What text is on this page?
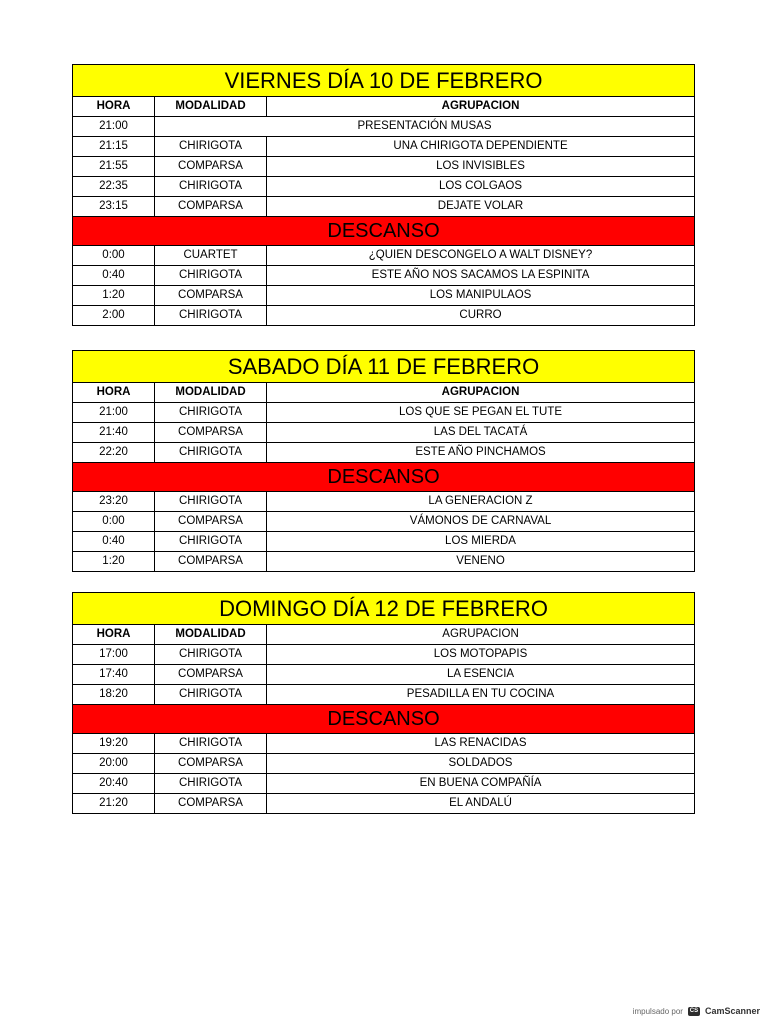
VIERNES DÍA 10 DE FEBRERO		
HORA	MODALIDAD	AGRUPACION
21:00	PRESENTACIÓN MUSAS	
21:15	CHIRIGOTA	UNA CHIRIGOTA DEPENDIENTE
21:55	COMPARSA	LOS INVISIBLES
22:35	CHIRIGOTA	LOS COLGAOS
23:15	COMPARSA	DEJATE VOLAR
DESCANSO		
0:00	CUARTET	¿QUIEN DESCONGELO A WALT DISNEY?
0:40	CHIRIGOTA	ESTE AÑO NOS SACAMOS LA ESPINITA
1:20	COMPARSA	LOS MANIPULAOS
2:00	CHIRIGOTA	CURRO
SABADO DÍA 11 DE FEBRERO		
HORA	MODALIDAD	AGRUPACION
21:00	CHIRIGOTA	LOS QUE SE PEGAN EL TUTE
21:40	COMPARSA	LAS DEL TACATÁ
22:20	CHIRIGOTA	ESTE AÑO PINCHAMOS
DESCANSO		
23:20	CHIRIGOTA	LA GENERACION Z
0:00	COMPARSA	VÁMONOS DE CARNAVAL
0:40	CHIRIGOTA	LOS MIERDA
1:20	COMPARSA	VENENO
DOMINGO DÍA 12 DE FEBRERO		
HORA	MODALIDAD	AGRUPACION
17:00	CHIRIGOTA	LOS MOTOPAPIS
17:40	COMPARSA	LA ESENCIA
18:20	CHIRIGOTA	PESADILLA EN TU COCINA
DESCANSO		
19:20	CHIRIGOTA	LAS RENACIDAS
20:00	COMPARSA	SOLDADOS
20:40	CHIRIGOTA	EN BUENA COMPAÑÍA
21:20	COMPARSA	EL ANDALÚ
impulsado por	CS CamScanner
